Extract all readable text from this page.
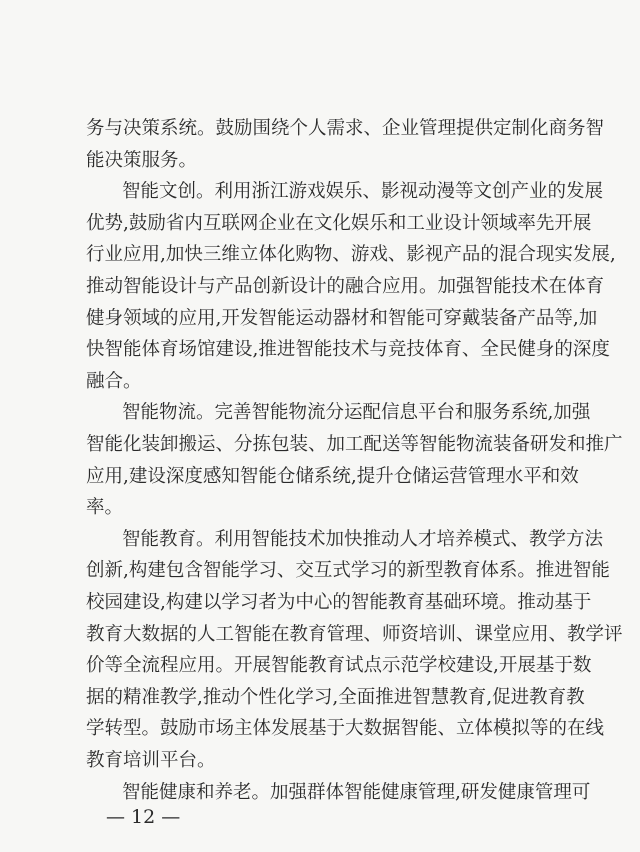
务与决策系统。鼓励围绕个人需求、企业管理提供定制化商务智
能决策服务。
智能文创。利用浙江游戏娱乐、影视动漫等文创产业的发展
优势,鼓励省内互联网企业在文化娱乐和工业设计领域率先开展
行业应用,加快三维立体化购物、游戏、影视产品的混合现实发展,
推动智能设计与产品创新设计的融合应用。加强智能技术在体育
健身领域的应用,开发智能运动器材和智能可穿戴装备产品等,加
快智能体育场馆建设,推进智能技术与竞技体育、全民健身的深度
融合。
智能物流。完善智能物流分运配信息平台和服务系统,加强
智能化装卸搬运、分拣包装、加工配送等智能物流装备研发和推广
应用,建设深度感知智能仓储系统,提升仓储运营管理水平和效
率。
智能教育。利用智能技术加快推动人才培养模式、教学方法
创新,构建包含智能学习、交互式学习的新型教育体系。推进智能
校园建设,构建以学习者为中心的智能教育基础环境。推动基于
教育大数据的人工智能在教育管理、师资培训、课堂应用、教学评
价等全流程应用。开展智能教育试点示范学校建设,开展基于数
据的精准教学,推动个性化学习,全面推进智慧教育,促进教育教
学转型。鼓励市场主体发展基于大数据智能、立体模拟等的在线
教育培训平台。
智能健康和养老。加强群体智能健康管理,研发健康管理可
— 12 —
